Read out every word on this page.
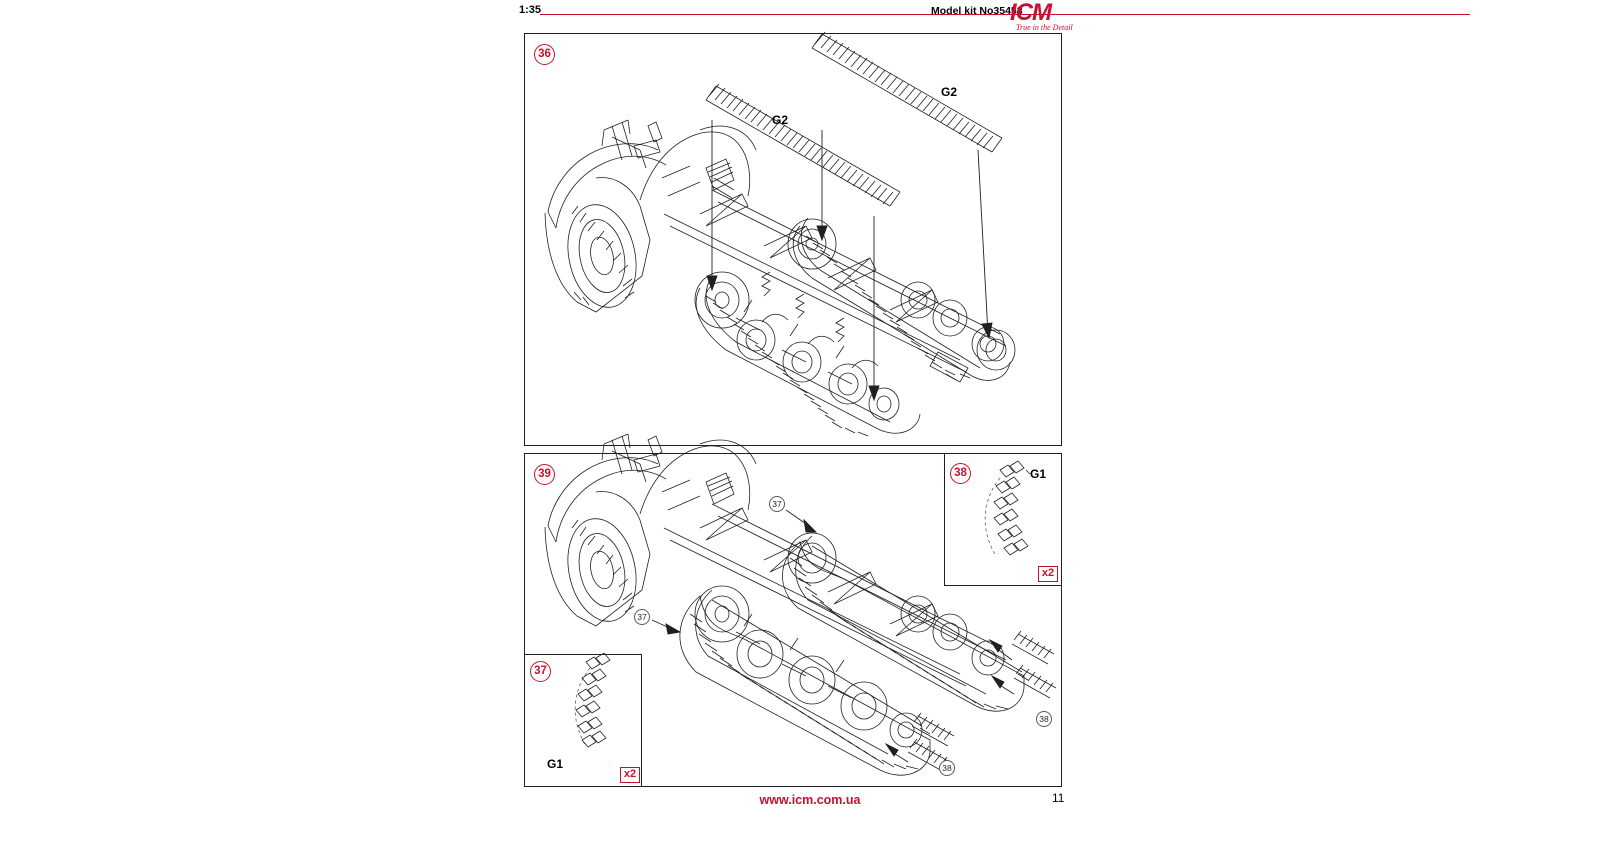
1:35	Model kit No35453
ICM
True in the Detail
36
39	38
37
37
37
38
38
G2
G2
G1
G1
x2
x2
www.icm.com.ua	11
